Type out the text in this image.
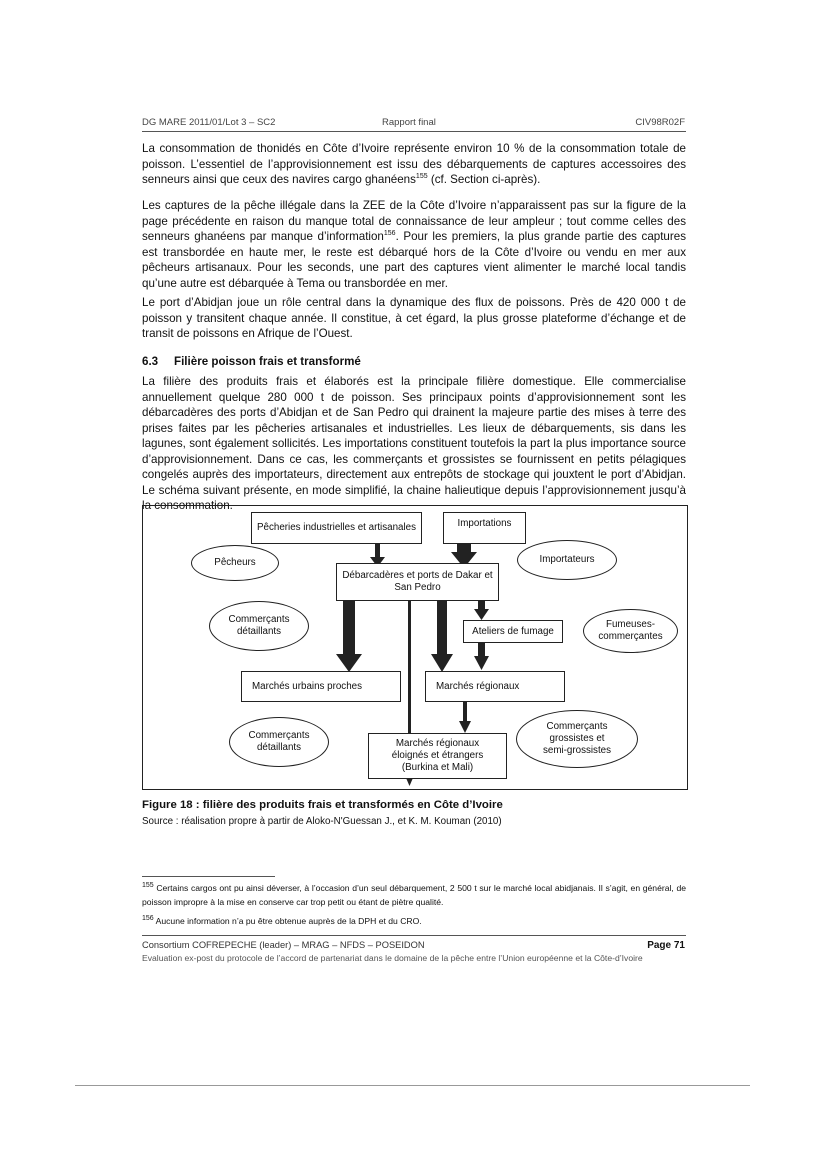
DG MARE 2011/01/Lot 3 – SC2	Rapport final	CIV98R02F
La consommation de thonidés en Côte d’Ivoire représente environ 10 % de la consommation totale de poisson. L’essentiel de l’approvisionnement est issu des débarquements de captures accessoires des senneurs ainsi que ceux des navires cargo ghanéens$^{155}$ (cf. Section ci-après).
Les captures de la pêche illégale dans la ZEE de la Côte d’Ivoire n’apparaissent pas sur la figure de la page précédente en raison du manque total de connaissance de leur ampleur ; tout comme celles des senneurs ghanéens par manque d’information$^{156}$. Pour les premiers, la plus grande partie des captures est transbordée en haute mer, le reste est débarqué hors de la Côte d’Ivoire ou vendu en mer aux pêcheurs artisanaux. Pour les seconds, une part des captures vient alimenter le marché local tandis qu’une autre est débarquée à Tema ou transbordée en mer.
Le port d’Abidjan joue un rôle central dans la dynamique des flux de poissons. Près de 420 000 t de poisson y transitent chaque année. Il constitue, à cet égard, la plus grosse plateforme d’échange et de transit de poissons en Afrique de l’Ouest.
6.3 Filière poisson frais et transformé
La filière des produits frais et élaborés est la principale filière domestique. Elle commercialise annuellement quelque 280 000 t de poisson. Ses principaux points d’approvisionnement sont les débarcadères des ports d’Abidjan et de San Pedro qui drainent la majeure partie des mises à terre des prises faites par les pêcheries artisanales et industrielles. Les lieux de débarquements, sis dans les lagunes, sont également sollicités. Les importations constituent toutefois la part la plus importance source d’approvisionnement. Dans ce cas, les commerçants et grossistes se fournissent en petits pélagiques congelés auprès des importateurs, directement aux entrepôts de stockage qui jouxtent le port d’Abidjan. Le schéma suivant présente, en mode simplifié, la chaine halieutique depuis l’approvisionnement jusqu’à la consommation.
Pêcheries industrielles et artisanales	Importations
Pêcheurs	Importateurs
Débarcadères et ports de Dakar et San Pedro
Commerçants détaillants	Ateliers de fumage
Fumeuses-commerçantes
Marchés urbains proches	Marchés régionaux
Commerçants détaillants	Marchés régionaux éloignés et étrangers (Burkina et Mali)
Commerçants grossistes et semi-grossistes
Figure 18 : filière des produits frais et transformés en Côte d’Ivoire
Source : réalisation propre à partir de Aloko-N'Guessan J., et K. M. Kouman (2010)
$^{155}$ Certains cargos ont pu ainsi déverser, à l’occasion d’un seul débarquement, 2 500 t sur le marché local abidjanais. Il s’agit, en général, de poisson impropre à la mise en conserve car trop petit ou étant de piètre qualité.
$^{156}$ Aucune information n’a pu être obtenue auprès de la DPH et du CRO.
Consortium COFREPECHE (leader) – MRAG – NFDS – POSEIDON	Page 71
Evaluation ex-post du protocole de l’accord de partenariat dans le domaine de la pêche entre l’Union européenne et la Côte-d’Ivoire
